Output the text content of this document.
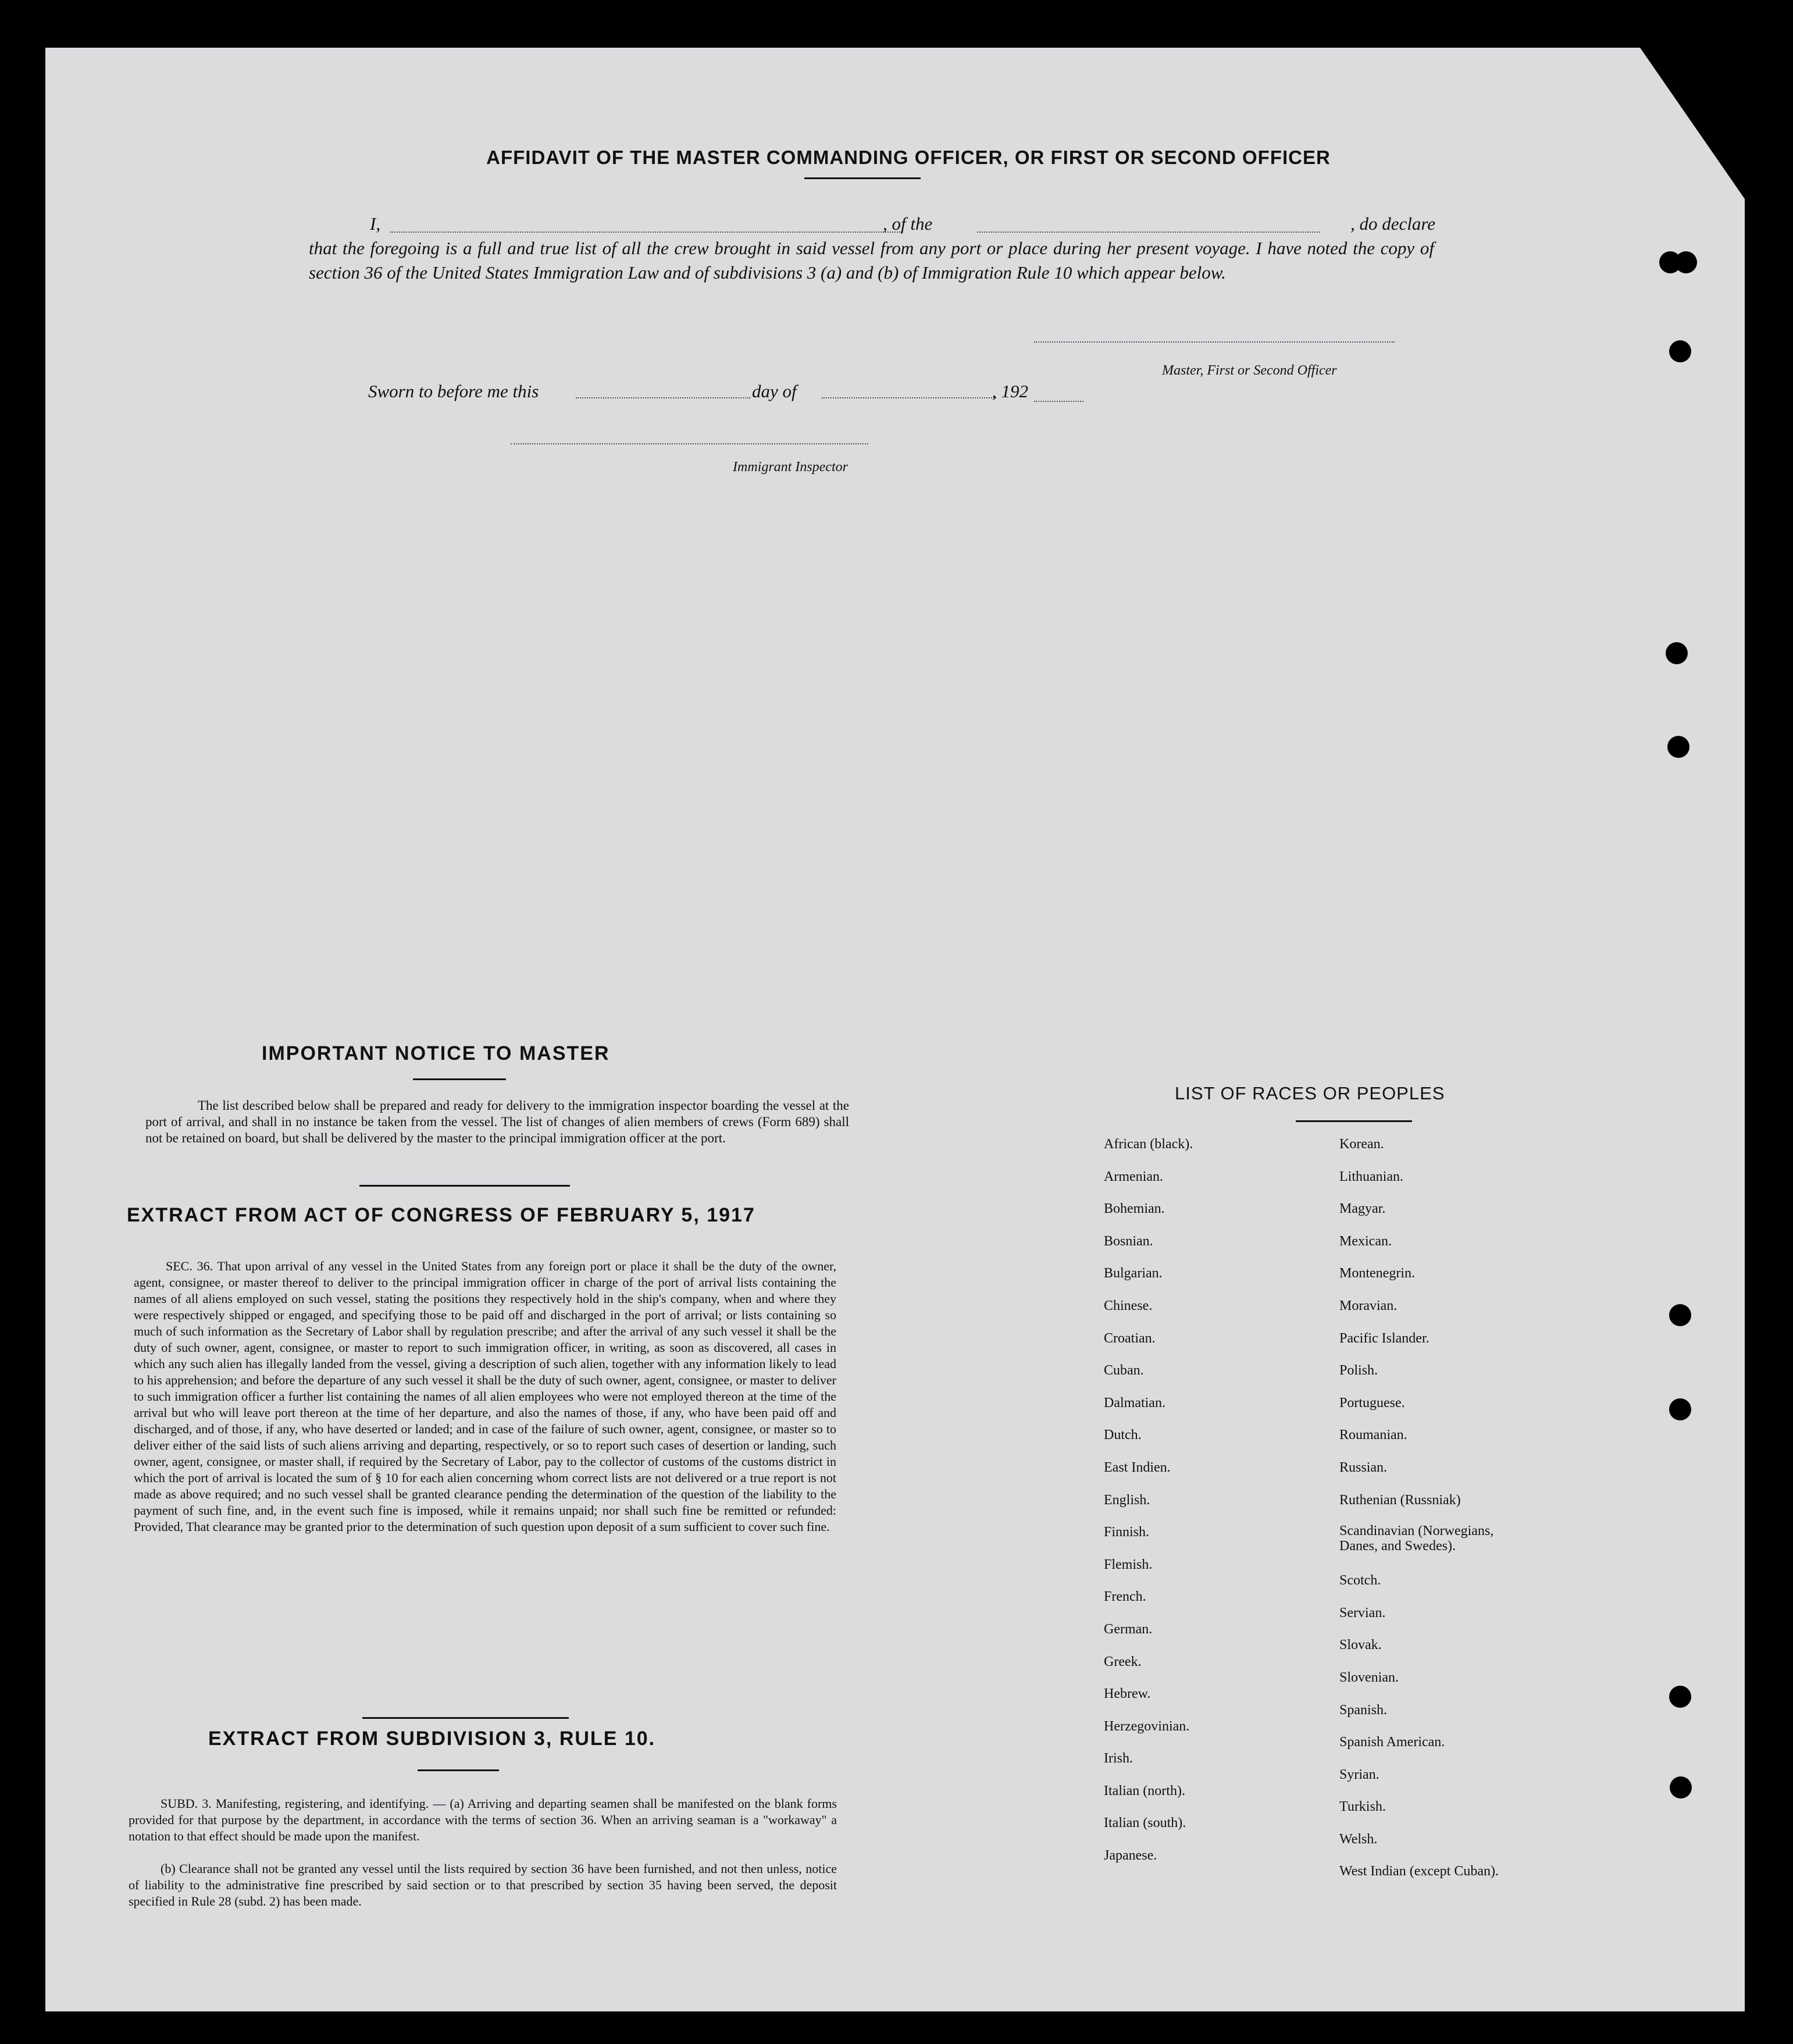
AFFIDAVIT OF THE MASTER COMMANDING OFFICER, OR FIRST OR SECOND OFFICER
I,	, of the	, do declare
that the foregoing is a full and true list of all the crew brought in said vessel from any port or place during her present voyage. I have noted the copy of section 36 of the United States Immigration Law and of subdivisions 3 (a) and (b) of Immigration Rule 10 which appear below.
Master, First or Second Officer
Sworn to before me this	day of	, 192
Immigrant Inspector
IMPORTANT NOTICE TO MASTER
The list described below shall be prepared and ready for delivery to the immigration inspector boarding the vessel at the port of arrival, and shall in no instance be taken from the vessel. The list of changes of alien members of crews (Form 689) shall not be retained on board, but shall be delivered by the master to the principal immigration officer at the port.
EXTRACT FROM ACT OF CONGRESS OF FEBRUARY 5, 1917
SEC. 36. That upon arrival of any vessel in the United States from any foreign port or place it shall be the duty of the owner, agent, consignee, or master thereof to deliver to the principal immigration officer in charge of the port of arrival lists containing the names of all aliens employed on such vessel, stating the positions they respectively hold in the ship's company, when and where they were respectively shipped or engaged, and specifying those to be paid off and discharged in the port of arrival; or lists containing so much of such information as the Secretary of Labor shall by regulation prescribe; and after the arrival of any such vessel it shall be the duty of such owner, agent, consignee, or master to report to such immigration officer, in writing, as soon as discovered, all cases in which any such alien has illegally landed from the vessel, giving a description of such alien, together with any information likely to lead to his apprehension; and before the departure of any such vessel it shall be the duty of such owner, agent, consignee, or master to deliver to such immigration officer a further list containing the names of all alien employees who were not employed thereon at the time of the arrival but who will leave port thereon at the time of her departure, and also the names of those, if any, who have been paid off and discharged, and of those, if any, who have deserted or landed; and in case of the failure of such owner, agent, consignee, or master so to deliver either of the said lists of such aliens arriving and departing, respectively, or so to report such cases of desertion or landing, such owner, agent, consignee, or master shall, if required by the Secretary of Labor, pay to the collector of customs of the customs district in which the port of arrival is located the sum of § 10 for each alien concerning whom correct lists are not delivered or a true report is not made as above required; and no such vessel shall be granted clearance pending the determination of the question of the liability to the payment of such fine, and, in the event such fine is imposed, while it remains unpaid; nor shall such fine be remitted or refunded: Provided, That clearance may be granted prior to the determination of such question upon deposit of a sum sufficient to cover such fine.
EXTRACT FROM SUBDIVISION 3, RULE 10.
SUBD. 3. Manifesting, registering, and identifying. — (a) Arriving and departing seamen shall be manifested on the blank forms provided for that purpose by the department, in accordance with the terms of section 36. When an arriving seaman is a "workaway" a notation to that effect should be made upon the manifest.
(b) Clearance shall not be granted any vessel until the lists required by section 36 have been furnished, and not then unless, notice of liability to the administrative fine prescribed by said section or to that prescribed by section 35 having been served, the deposit specified in Rule 28 (subd. 2) has been made.
LIST OF RACES OR PEOPLES
African (black).
Armenian.
Bohemian.
Bosnian.
Bulgarian.
Chinese.
Croatian.
Cuban.
Dalmatian.
Dutch.
East Indien.
English.
Finnish.
Flemish.
French.
German.
Greek.
Hebrew.
Herzegovinian.
Irish.
Italian (north).
Italian (south).
Japanese.
Korean.
Lithuanian.
Magyar.
Mexican.
Montenegrin.
Moravian.
Pacific Islander.
Polish.
Portuguese.
Roumanian.
Russian.
Ruthenian (Russniak)
Scandinavian (Norwegians, Danes, and Swedes).
Scotch.
Servian.
Slovak.
Slovenian.
Spanish.
Spanish American.
Syrian.
Turkish.
Welsh.
West Indian (except Cuban).
